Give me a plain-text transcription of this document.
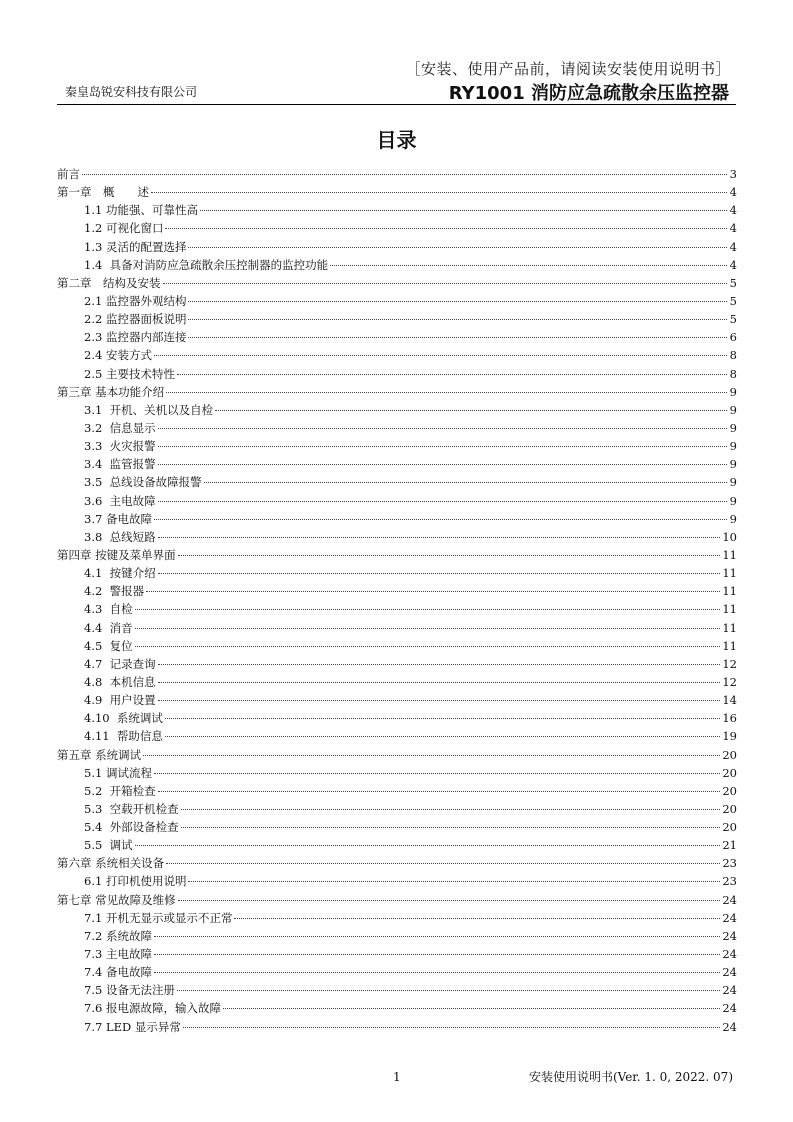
［安装、使用产品前，请阅读安装使用说明书］
秦皇岛锐安科技有限公司	RY1001 消防应急疏散余压监控器
目录
前言	3
第一章　概　　述	4
1.1 功能强、可靠性高	4
1.2 可视化窗口	4
1.3 灵活的配置选择	4
1.4  具备对消防应急疏散余压控制器的监控功能	4
第二章　结构及安装	5
2.1 监控器外观结构	5
2.2 监控器面板说明	5
2.3 监控器内部连接	6
2.4 安装方式	8
2.5 主要技术特性	8
第三章 基本功能介绍	9
3.1  开机、关机以及自检	9
3.2  信息显示	9
3.3  火灾报警	9
3.4  监管报警	9
3.5  总线设备故障报警	9
3.6  主电故障	9
3.7 备电故障	9
3.8  总线短路	10
第四章 按键及菜单界面	11
4.1  按键介绍	11
4.2  警报器	11
4.3  自检	11
4.4  消音	11
4.5  复位	11
4.7  记录查询	12
4.8  本机信息	12
4.9  用户设置	14
4.10  系统调试	16
4.11  帮助信息	19
第五章 系统调试	20
5.1 调试流程	20
5.2  开箱检查	20
5.3  空载开机检查	20
5.4  外部设备检查	20
5.5  调试	21
第六章 系统相关设备	23
6.1 打印机使用说明	23
第七章 常见故障及维修	24
7.1 开机无显示或显示不正常	24
7.2 系统故障	24
7.3 主电故障	24
7.4 备电故障	24
7.5 设备无法注册	24
7.6 报电源故障，输入故障	24
7.7 LED 显示异常	24
1	安装使用说明书(Ver. 1. 0, 2022. 07)
